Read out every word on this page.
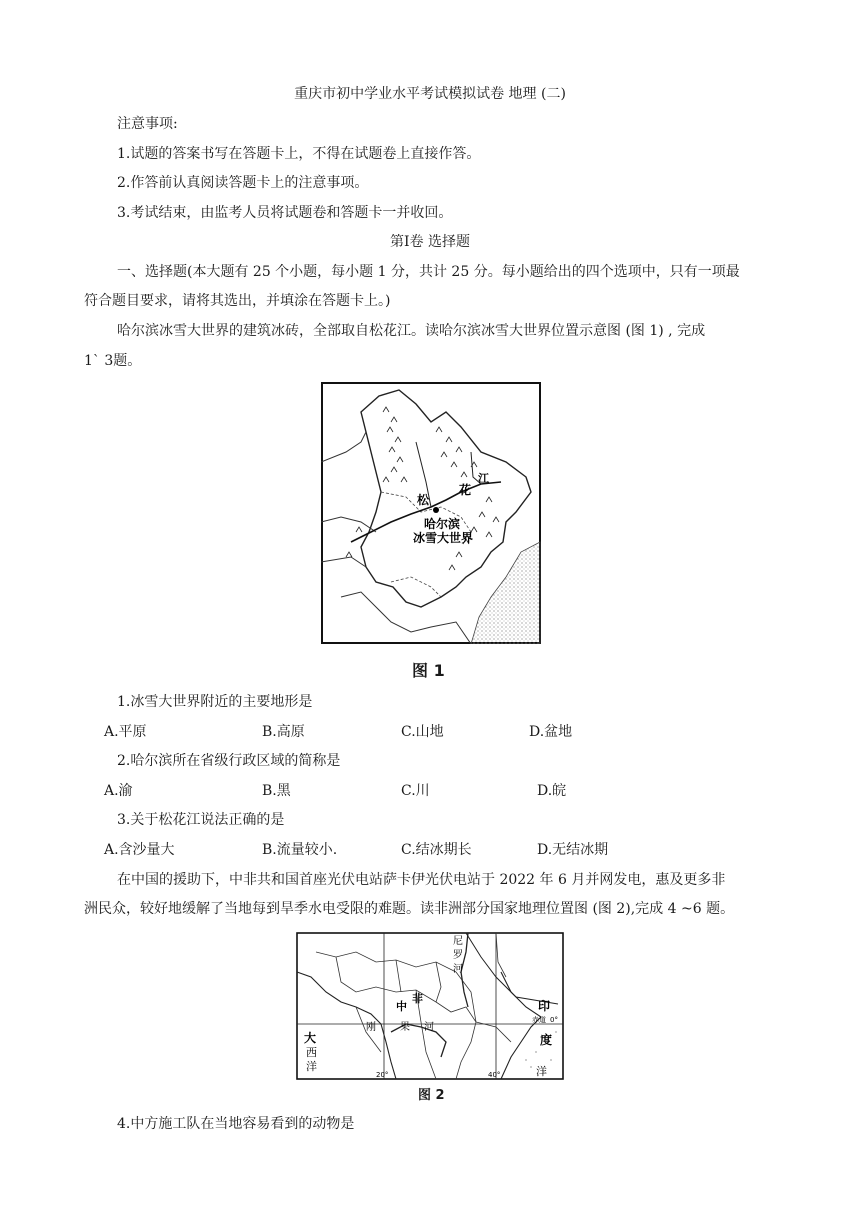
重庆市初中学业水平考试模拟试卷 地理 (二)
注意事项:
1.试题的答案书写在答题卡上，不得在试题卷上直接作答。
2.作答前认真阅读答题卡上的注意事项。
3.考试结束，由监考人员将试题卷和答题卡一并收回。
第Ⅰ卷 选择题
一、选择题(本大题有 25 个小题，每小题 1 分，共计 25 分。每小题给出的四个选项中，只有一项最
符合题目要求，请将其选出，并填涂在答题卡上。)
哈尔滨冰雪大世界的建筑冰砖，全部取自松花江。读哈尔滨冰雪大世界位置示意图 (图 1) , 完成
1` 3题。
松
花
江
哈尔滨
冰雪大世界
图 1
1.冰雪大世界附近的主要地形是
A.平原	B.高原	C.山地	D.盆地
2.哈尔滨所在省级行政区域的简称是
A.渝	B.黑	C.川	D.皖
3.关于松花江说法正确的是
A.含沙量大	B.流量较小.	C.结冰期长	D.无结冰期
在中国的援助下，中非共和国首座光伏电站萨卡伊光伏电站于 2022 年 6 月并网发电，惠及更多非
洲民众，较好地缓解了当地每到旱季水电受限的难题。读非洲部分国家地理位置图 (图 2),完成 4 ~6 题。
尼
罗
河
中
非
大
西
洋
刚 果 河
印
度
洋
赤道 0°
20°	40°
图 2
4.中方施工队在当地容易看到的动物是
